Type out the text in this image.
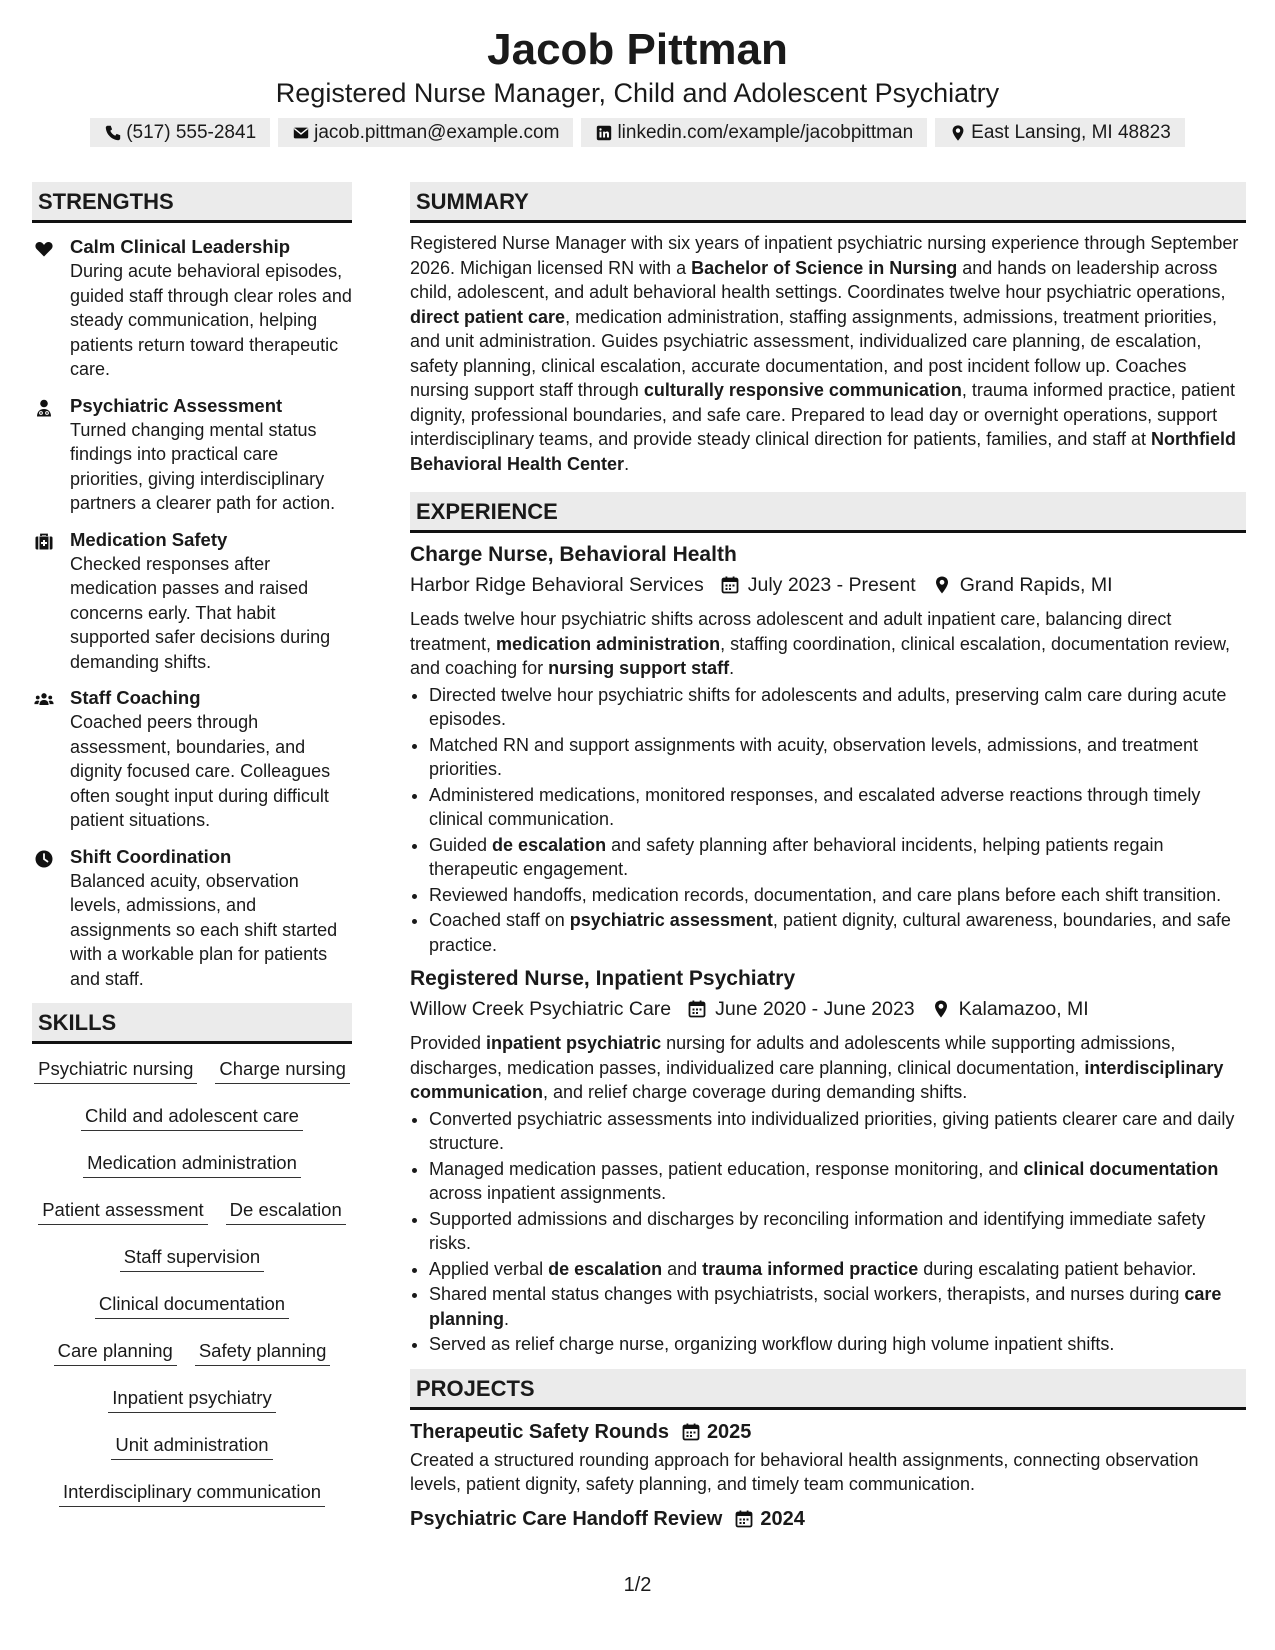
Jacob Pittman
Registered Nurse Manager, Child and Adolescent Psychiatry
(517) 555-2841	jacob.pittman@example.com	linkedin.com/example/jacobpittman	East Lansing, MI 48823
STRENGTHS
Calm Clinical Leadership

During acute behavioral episodes, guided staff through clear roles and steady communication, helping patients return toward therapeutic care.

Psychiatric Assessment

Turned changing mental status findings into practical care priorities, giving interdisciplinary partners a clearer path for action.

Medication Safety

Checked responses after medication passes and raised concerns early. That habit supported safer decisions during demanding shifts.

Staff Coaching

Coached peers through assessment, boundaries, and dignity focused care. Colleagues often sought input during difficult patient situations.

Shift Coordination

Balanced acuity, observation levels, admissions, and assignments so each shift started with a workable plan for patients and staff.

SKILLS
Psychiatric nursing Charge nursing
Child and adolescent care
Medication administration
Patient assessment De escalation
Staff supervision
Clinical documentation
Care planning Safety planning
Inpatient psychiatry
Unit administration
Interdisciplinary communication
SUMMARY

Registered Nurse Manager with six years of inpatient psychiatric nursing experience through September 2026. Michigan licensed RN with a Bachelor of Science in Nursing and hands on leadership across child, adolescent, and adult behavioral health settings. Coordinates twelve hour psychiatric operations, direct patient care, medication administration, staffing assignments, admissions, treatment priorities, and unit administration. Guides psychiatric assessment, individualized care planning, de escalation, safety planning, clinical escalation, accurate documentation, and post incident follow up. Coaches nursing support staff through culturally responsive communication, trauma informed practice, patient dignity, professional boundaries, and safe care. Prepared to lead day or overnight operations, support interdisciplinary teams, and provide steady clinical direction for patients, families, and staff at Northfield Behavioral Health Center.

EXPERIENCE
Charge Nurse, Behavioral Health
Harbor Ridge Behavioral Services July 2023 - Present Grand Rapids, MI

Leads twelve hour psychiatric shifts across adolescent and adult inpatient care, balancing direct treatment, medication administration, staffing coordination, clinical escalation, documentation review, and coaching for nursing support staff.

• Directed twelve hour psychiatric shifts for adolescents and adults, preserving calm care during acute episodes.
• Matched RN and support assignments with acuity, observation levels, admissions, and treatment priorities.
• Administered medications, monitored responses, and escalated adverse reactions through timely clinical communication.
• Guided de escalation and safety planning after behavioral incidents, helping patients regain therapeutic engagement.
• Reviewed handoffs, medication records, documentation, and care plans before each shift transition.
• Coached staff on psychiatric assessment, patient dignity, cultural awareness, boundaries, and safe practice.
Registered Nurse, Inpatient Psychiatry
Willow Creek Psychiatric Care June 2020 - June 2023 Kalamazoo, MI

Provided inpatient psychiatric nursing for adults and adolescents while supporting admissions, discharges, medication passes, individualized care planning, clinical documentation, interdisciplinary communication, and relief charge coverage during demanding shifts.

• Converted psychiatric assessments into individualized priorities, giving patients clearer care and daily structure.
• Managed medication passes, patient education, response monitoring, and clinical documentation across inpatient assignments.
• Supported admissions and discharges by reconciling information and identifying immediate safety risks.
• Applied verbal de escalation and trauma informed practice during escalating patient behavior.
• Shared mental status changes with psychiatrists, social workers, therapists, and nurses during care planning.
• Served as relief charge nurse, organizing workflow during high volume inpatient shifts.
PROJECTS
Therapeutic Safety Rounds 2025

Created a structured rounding approach for behavioral health assignments, connecting observation levels, patient dignity, safety planning, and timely team communication.

Psychiatric Care Handoff Review 2024
1/2
